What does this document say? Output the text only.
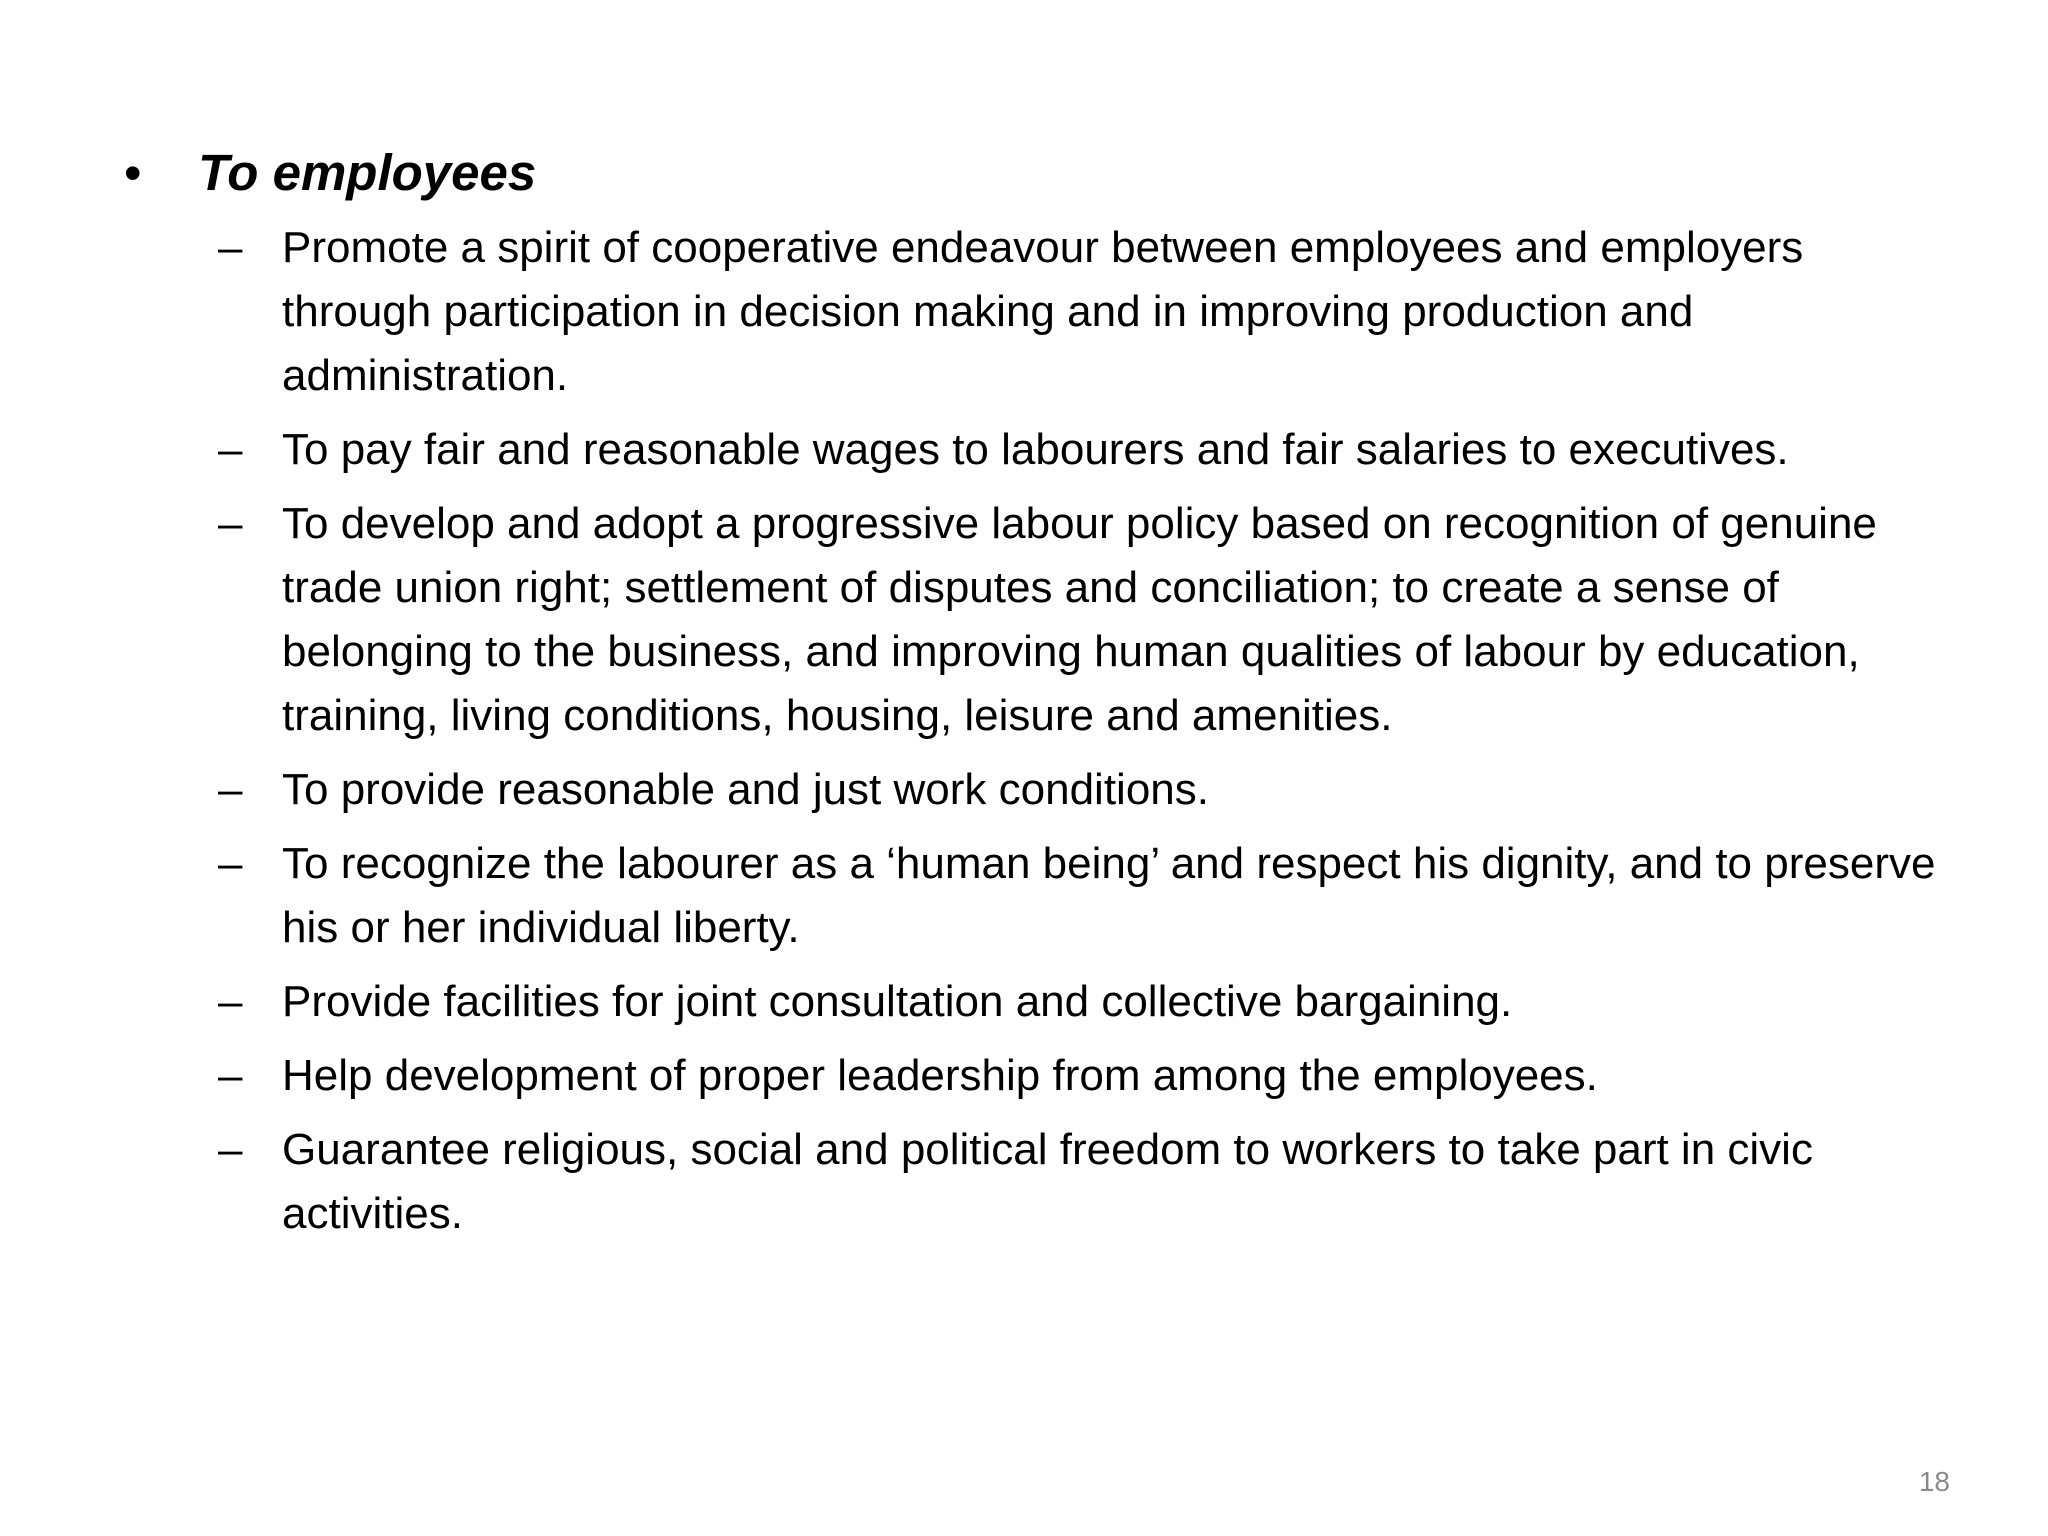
•	To employees
– Promote a spirit of cooperative endeavour between employees and employers through participation in decision making and in improving production and administration.
– To pay fair and reasonable wages to labourers and fair salaries to executives.
– To develop and adopt a progressive labour policy based on recognition of genuine trade union right; settlement of disputes and conciliation; to create a sense of belonging to the business, and improving human qualities of labour by education, training, living conditions, housing, leisure and amenities.
– To provide reasonable and just work conditions.
– To recognize the labourer as a ‘human being’ and respect his dignity, and to preserve his or her individual liberty.
– Provide facilities for joint consultation and collective bargaining.
– Help development of proper leadership from among the employees.
– Guarantee religious, social and political freedom to workers to take part in civic activities.
18
